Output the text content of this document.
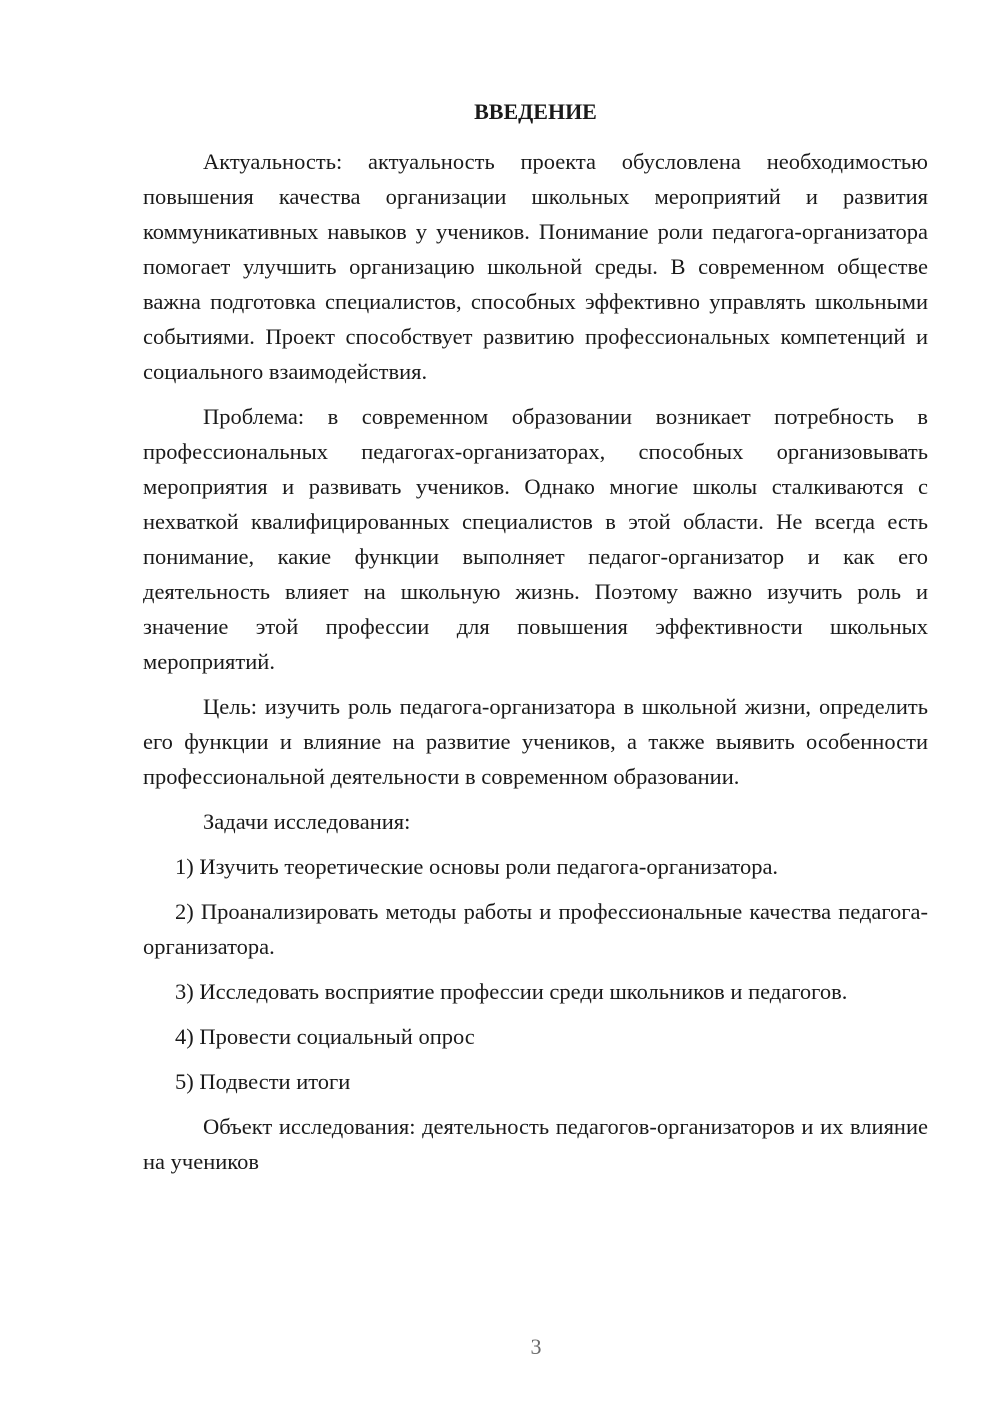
ВВЕДЕНИЕ

Актуальность: актуальность проекта обусловлена необходимостью повышения качества организации школьных мероприятий и развития коммуникативных навыков у учеников. Понимание роли педагога-организатора помогает улучшить организацию школьной среды. В современном обществе важна подготовка специалистов, способных эффективно управлять школьными событиями. Проект способствует развитию профессиональных компетенций и социального взаимодействия.

Проблема: в современном образовании возникает потребность в профессиональных педагогах-организаторах, способных организовывать мероприятия и развивать учеников. Однако многие школы сталкиваются с нехваткой квалифицированных специалистов в этой области. Не всегда есть понимание, какие функции выполняет педагог-организатор и как его деятельность влияет на школьную жизнь. Поэтому важно изучить роль и значение этой профессии для повышения эффективности школьных мероприятий.

Цель: изучить роль педагога-организатора в школьной жизни, определить его функции и влияние на развитие учеников, а также выявить особенности профессиональной деятельности в современном образовании.

Задачи исследования:

1) Изучить теоретические основы роли педагога-организатора.

2) Проанализировать методы работы и профессиональные качества педагога-организатора.

3) Исследовать восприятие профессии среди школьников и педагогов.

4) Провести социальный опрос

5) Подвести итоги

Объект исследования: деятельность педагогов-организаторов и их влияние на учеников

3
